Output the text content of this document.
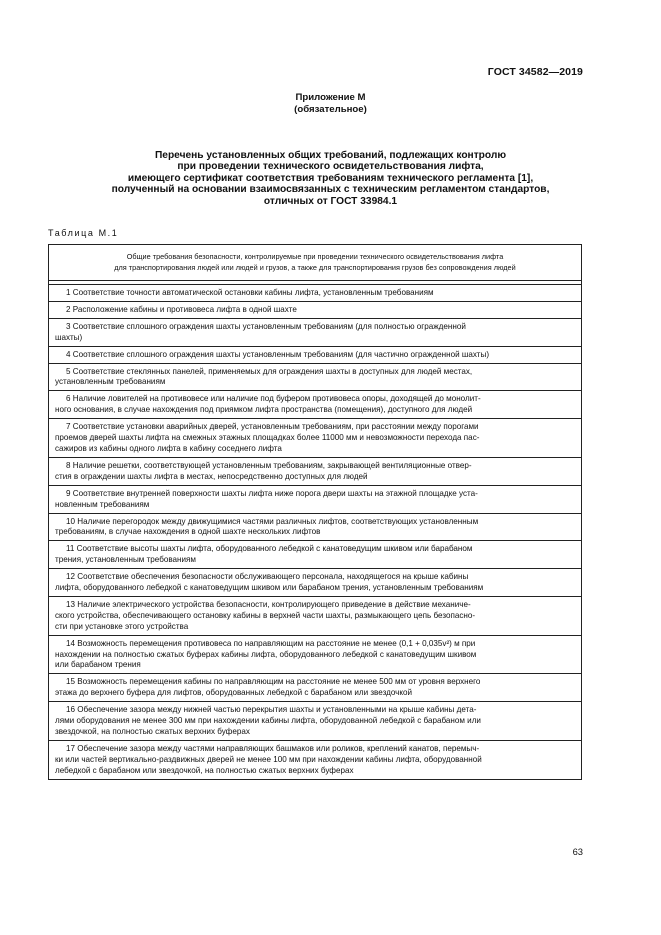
ГОСТ 34582—2019
Приложение М
(обязательное)
Перечень установленных общих требований, подлежащих контролю
при проведении технического освидетельствования лифта,
имеющего сертификат соответствия требованиям технического регламента [1],
полученный на основании взаимосвязанных с техническим регламентом стандартов,
отличных от ГОСТ 33984.1
Таблица М.1
Общие требования безопасности, контролируемые при проведении технического освидетельствования лифта
для транспортирования людей или людей и грузов, а также для транспортирования грузов без сопровождения людей
1 Соответствие точности автоматической остановки кабины лифта, установленным требованиям
2 Расположение кабины и противовеса лифта в одной шахте
3 Соответствие сплошного ограждения шахты установленным требованиям (для полностью огражденной
шахты)
4 Соответствие сплошного ограждения шахты установленным требованиям (для частично огражденной шахты)
5 Соответствие стеклянных панелей, применяемых для ограждения шахты в доступных для людей местах,
установленным требованиям
6 Наличие ловителей на противовесе или наличие под буфером противовеса опоры, доходящей до монолит-
ного основания, в случае нахождения под приямком лифта пространства (помещения), доступного для людей
7 Соответствие установки аварийных дверей, установленным требованиям, при расстоянии между порогами
проемов дверей шахты лифта на смежных этажных площадках более 11000 мм и невозможности перехода пас-
сажиров из кабины одного лифта в кабину соседнего лифта
8 Наличие решетки, соответствующей установленным требованиям, закрывающей вентиляционные отвер-
стия в ограждении шахты лифта в местах, непосредственно доступных для людей
9 Соответствие внутренней поверхности шахты лифта ниже порога двери шахты на этажной площадке уста-
новленным требованиям
10 Наличие перегородок между движущимися частями различных лифтов, соответствующих установленным
требованиям, в случае нахождения в одной шахте нескольких лифтов
11 Соответствие высоты шахты лифта, оборудованного лебедкой с канатоведущим шкивом или барабаном
трения, установленным требованиям
12 Соответствие обеспечения безопасности обслуживающего персонала, находящегося на крыше кабины
лифта, оборудованного лебедкой с канатоведущим шкивом или барабаном трения, установленным требованиям
13 Наличие электрического устройства безопасности, контролирующего приведение в действие механиче-
ского устройства, обеспечивающего остановку кабины в верхней части шахты, размыкающего цепь безопасно-
сти при установке этого устройства
14 Возможность перемещения противовеса по направляющим на расстояние не менее (0,1 + 0,035v²) м при
нахождении на полностью сжатых буферах кабины лифта, оборудованного лебедкой с канатоведущим шкивом
или барабаном трения
15 Возможность перемещения кабины по направляющим на расстояние не менее 500 мм от уровня верхнего
этажа до верхнего буфера для лифтов, оборудованных лебедкой с барабаном или звездочкой
16 Обеспечение зазора между нижней частью перекрытия шахты и установленными на крыше кабины дета-
лями оборудования не менее 300 мм при нахождении кабины лифта, оборудованной лебедкой с барабаном или
звездочкой, на полностью сжатых верхних буферах
17 Обеспечение зазора между частями направляющих башмаков или роликов, креплений канатов, перемыч-
ки или частей вертикально-раздвижных дверей не менее 100 мм при нахождении кабины лифта, оборудованной
лебедкой с барабаном или звездочкой, на полностью сжатых верхних буферах
63
